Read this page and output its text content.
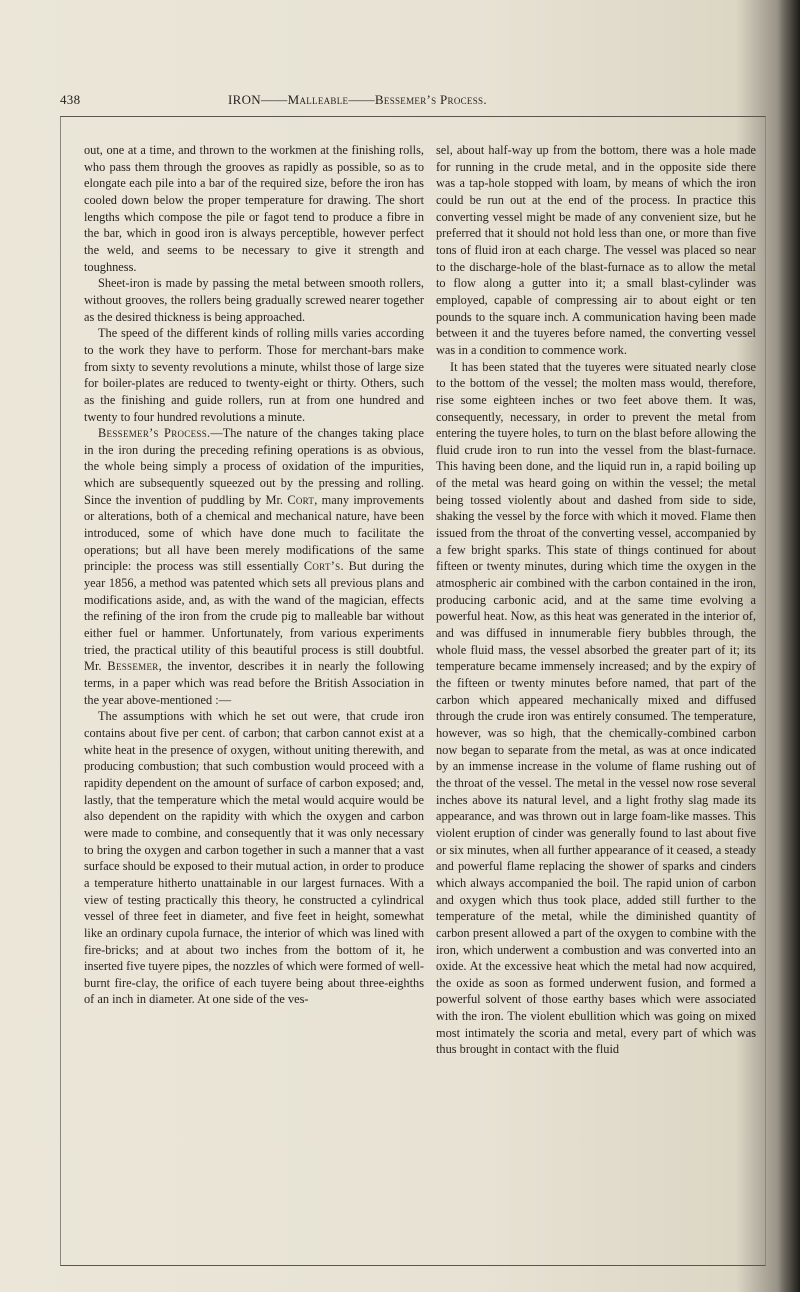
438	IRON——Malleable——Bessemer’s Process.

out, one at a time, and thrown to the workmen at the finishing rolls, who pass them through the grooves as rapidly as possible, so as to elongate each pile into a bar of the required size, before the iron has cooled down below the proper temperature for drawing. The short lengths which compose the pile or fagot tend to produce a fibre in the bar, which in good iron is always perceptible, however perfect the weld, and seems to be necessary to give it strength and toughness.

Sheet-iron is made by passing the metal between smooth rollers, without grooves, the rollers being gradually screwed nearer together as the desired thickness is being approached.

The speed of the different kinds of rolling mills varies according to the work they have to perform. Those for merchant-bars make from sixty to seventy revolutions a minute, whilst those of large size for boiler-plates are reduced to twenty-eight or thirty. Others, such as the finishing and guide rollers, run at from one hundred and twenty to four hundred revolutions a minute.

Bessemer’s Process.—The nature of the changes taking place in the iron during the preceding refining operations is as obvious, the whole being simply a process of oxidation of the impurities, which are subsequently squeezed out by the pressing and rolling. Since the invention of puddling by Mr. Cort, many improvements or alterations, both of a chemical and mechanical nature, have been introduced, some of which have done much to facilitate the operations; but all have been merely modifications of the same principle: the process was still essentially Cort’s. But during the year 1856, a method was patented which sets all previous plans and modifications aside, and, as with the wand of the magician, effects the refining of the iron from the crude pig to malleable bar without either fuel or hammer. Unfortunately, from various experiments tried, the practical utility of this beautiful process is still doubtful. Mr. Bessemer, the inventor, describes it in nearly the following terms, in a paper which was read before the British Association in the year above-mentioned :—

The assumptions with which he set out were, that crude iron contains about five per cent. of carbon; that carbon cannot exist at a white heat in the presence of oxygen, without uniting therewith, and producing combustion; that such combustion would proceed with a rapidity dependent on the amount of surface of carbon exposed; and, lastly, that the temperature which the metal would acquire would be also dependent on the rapidity with which the oxygen and carbon were made to combine, and consequently that it was only necessary to bring the oxygen and carbon together in such a manner that a vast surface should be exposed to their mutual action, in order to produce a temperature hitherto unattainable in our largest furnaces. With a view of testing practically this theory, he constructed a cylindrical vessel of three feet in diameter, and five feet in height, somewhat like an ordinary cupola furnace, the interior of which was lined with fire-bricks; and at about two inches from the bottom of it, he inserted five tuyere pipes, the nozzles of which were formed of well-burnt fire-clay, the orifice of each tuyere being about three-eighths of an inch in diameter. At one side of the ves-

sel, about half-way up from the bottom, there was a hole made for running in the crude metal, and in the opposite side there was a tap-hole stopped with loam, by means of which the iron could be run out at the end of the process. In practice this converting vessel might be made of any convenient size, but he preferred that it should not hold less than one, or more than five tons of fluid iron at each charge. The vessel was placed so near to the discharge-hole of the blast-furnace as to allow the metal to flow along a gutter into it; a small blast-cylinder was employed, capable of compressing air to about eight or ten pounds to the square inch. A communication having been made between it and the tuyeres before named, the converting vessel was in a condition to commence work.

It has been stated that the tuyeres were situated nearly close to the bottom of the vessel; the molten mass would, therefore, rise some eighteen inches or two feet above them. It was, consequently, necessary, in order to prevent the metal from entering the tuyere holes, to turn on the blast before allowing the fluid crude iron to run into the vessel from the blast-furnace. This having been done, and the liquid run in, a rapid boiling up of the metal was heard going on within the vessel; the metal being tossed violently about and dashed from side to side, shaking the vessel by the force with which it moved. Flame then issued from the throat of the converting vessel, accompanied by a few bright sparks. This state of things continued for about fifteen or twenty minutes, during which time the oxygen in the atmospheric air combined with the carbon contained in the iron, producing carbonic acid, and at the same time evolving a powerful heat. Now, as this heat was generated in the interior of, and was diffused in innumerable fiery bubbles through, the whole fluid mass, the vessel absorbed the greater part of it; its temperature became immensely increased; and by the expiry of the fifteen or twenty minutes before named, that part of the carbon which appeared mechanically mixed and diffused through the crude iron was entirely consumed. The temperature, however, was so high, that the chemically-combined carbon now began to separate from the metal, as was at once indicated by an immense increase in the volume of flame rushing out of the throat of the vessel. The metal in the vessel now rose several inches above its natural level, and a light frothy slag made its appearance, and was thrown out in large foam-like masses. This violent eruption of cinder was generally found to last about five or six minutes, when all further appearance of it ceased, a steady and powerful flame replacing the shower of sparks and cinders which always accompanied the boil. The rapid union of carbon and oxygen which thus took place, added still further to the temperature of the metal, while the diminished quantity of carbon present allowed a part of the oxygen to combine with the iron, which underwent a combustion and was converted into an oxide. At the excessive heat which the metal had now acquired, the oxide as soon as formed underwent fusion, and formed a powerful solvent of those earthy bases which were associated with the iron. The violent ebullition which was going on mixed most intimately the scoria and metal, every part of which was thus brought in contact with the fluid
